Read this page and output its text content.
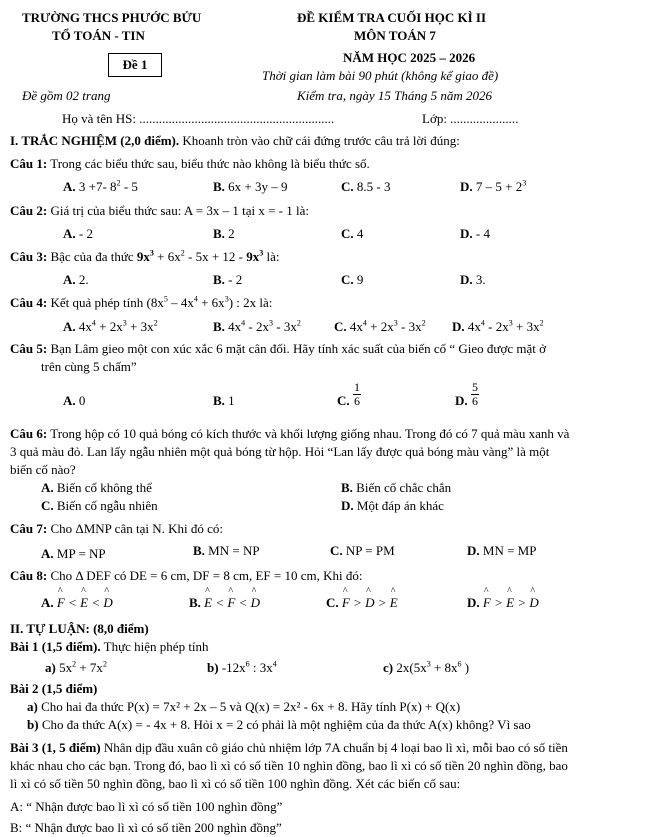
TRƯỜNG THCS PHƯỚC BỬU
TỔ TOÁN - TIN
Đề 1
Đề gồm 02 trang
ĐỀ KIỂM TRA CUỐI HỌC KÌ II
MÔN TOÁN 7
NĂM HỌC 2025 – 2026
Thời gian làm bài 90 phút (không kể giao đề)
Kiểm tra, ngày 15 Tháng 5 năm 2026
Họ và tên HS: ............................................................	Lớp: .....................
I. TRẮC NGHIỆM (2,0 điểm). Khoanh tròn vào chữ cái đứng trước câu trả lời đúng:
Câu 1: Trong các biểu thức sau, biểu thức nào không là biểu thức số.
A. 3 +7- $8^2 - 5$	B. 6x + 3y – 9	C. 8.5 - 3	D. $7 - 5 + 2^3$
Câu 2: Giá trị của biểu thức sau: A = 3x – 1 tại x = - 1 là:
A. - 2	B. 2	C. 4	D. - 4
Câu 3: Bậc của đa thức $9x^3 + 6x^2 - 5x + 12 - 9x^3$ là:
A. 2.	B. - 2	C. 9	D. 3.
Câu 4: Kết quả phép tính $(8x^5 - 4x^4 + 6x^3)$ : 2x là:
A. $4x^4 + 2x^3 + 3x^2$	B. $4x^4 - 2x^3 - 3x^2$	C. $4x^4 + 2x^3 - 3x^2$ D. $4x^4 - 2x^3 + 3x^2$
Câu 5: Bạn Lâm gieo một con xúc xắc 6 mặt cân đối. Hãy tính xác suất của biến cố “ Gieo được mặt ở
trên cùng 5 chấm”
A. 0	B. 1	C.
1
6	D.
5
6
Câu 6: Trong hộp có 10 quả bóng có kích thước và khối lượng giống nhau. Trong đó có 7 quả màu xanh và
3 quả màu đỏ. Lan lấy ngẫu nhiên một quả bóng từ hộp. Hỏi “Lan lấy được quả bóng màu vàng” là một
biến cố nào?
A. Biến cố không thể	B. Biến cố chắc chắn
C. Biến cố ngẫu nhiên	D. Một đáp án khác
Câu 7: Cho ΔMNP cân tại N. Khi đó có:
A. MP = NP	B. MN = NP	C. NP = PM	D. MN = MP
Câu 8: Cho Δ DEF có DE = 6 cm, DF = 8 cm, EF = 10 cm, Khi đó:
A. ^ F < ^ E < ^ D	B. ^ E < ^ F < ^ D	C. ^ F > ^ D > ^ E	D. ^ F > ^ E > ^ D
II. TỰ LUẬN: (8,0 điểm)
Bài 1 (1,5 điểm). Thực hiện phép tính
a) $5x^2 + 7x^2$	b) $-12x^6$ : $3x^4$	c) $2x(5x^3 + 8x^6$ )
Bài 2 (1,5 điểm)
a) Cho hai đa thức P(x) = 7x² + 2x – 5 và Q(x) = 2x² - 6x + 8. Hãy tính P(x) + Q(x)
b) Cho đa thức A(x) = - 4x + 8. Hỏi x = 2 có phải là một nghiệm của đa thức A(x) không? Vì sao
Bài 3 (1, 5 điểm) Nhân dịp đầu xuân cô giáo chủ nhiệm lớp 7A chuẩn bị 4 loại bao lì xì, mỗi bao có số tiền
khác nhau cho các bạn. Trong đó, bao lì xì có số tiền 10 nghìn đồng, bao lì xì có số tiền 20 nghìn đồng, bao
lì xì có số tiền 50 nghìn đồng, bao lì xì có số tiền 100 nghìn đồng. Xét các biến cố sau:
A: “ Nhận được bao lì xì có số tiền 100 nghìn đồng”
B: “ Nhận được bao lì xì có số tiền 200 nghìn đồng”
